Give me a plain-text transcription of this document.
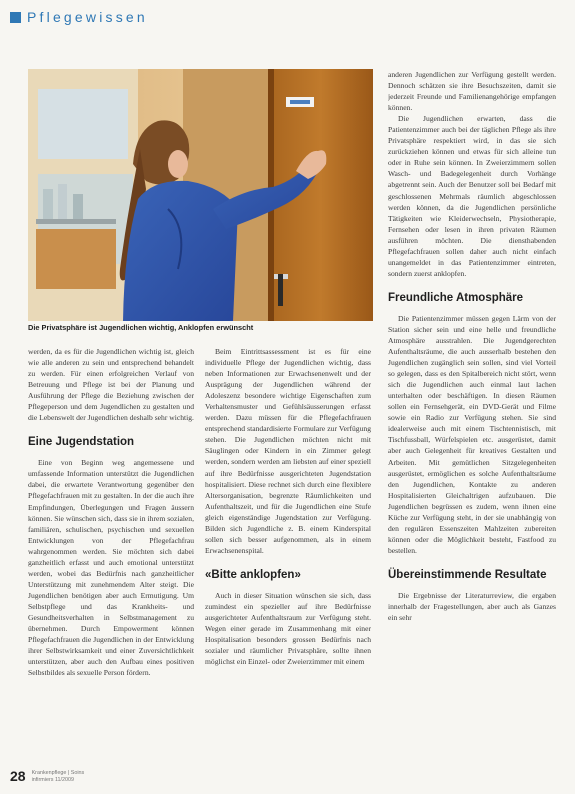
Pflegewissen
Die Privatsphäre ist Jugendlichen wichtig, Anklopfen erwünscht

werden, da es für die Jugendlichen wichtig ist, gleich wie alle anderen zu sein und entsprechend behandelt zu werden. Für einen erfolgreichen Verlauf von Betreuung und Pflege ist bei der Planung und Ausführung der Pflege die Beziehung zwischen der Pflegeperson und dem Jugendlichen zu gestalten und die Lebenswelt der Jugendlichen deshalb sehr wichtig.

Eine Jugendstation

Eine von Beginn weg angemessene und umfassende Information unterstützt die Jugendlichen dabei, die erwartete Verantwortung gegenüber den Pflegefachfrauen mit zu gestalten. In der die auch ihre Empfindungen, Überlegungen und Fragen äussern können. Sie wünschen sich, dass sie in ihrem sozialen, familiären, schulischen, psychischen und sexuellen Entwicklungen von der Pflegefachfrau wahrgenommen werden. Sie möchten sich dabei ganzheitlich erfasst und auch emotional unterstützt werden, wobei das Bedürfnis nach ganzheitlicher Unterstützung mit zunehmendem Alter steigt. Die Jugendlichen benötigen aber auch Ermutigung. Um Selbstpflege und das Krankheits- und Gesundheitsverhalten in Selbstmanagement zu übernehmen. Durch Empowerment können Pflegefachfrauen die Jugendlichen in der Entwicklung ihrer Selbstwirksamkeit und einer Zuversichtlichkeit unterstützen, aber auch den Aufbau eines positiven Selbstbildes als sexuelle Person fördern.

Beim Eintrittsassessment ist es für eine individuelle Pflege der Jugendlichen wichtig, dass neben Informationen zur Erwachsenenwelt und der Ausprägung der Jugendlichen während der Adoleszenz besondere wichtige Eigenschaften zum Verhaltensmuster und Gefühlsäusserungen erfasst werden. Dazu müssen für die Pflegefachfrauen entsprechend standardisierte Formulare zur Verfügung stehen. Die Jugendlichen möchten nicht mit Säuglingen oder Kindern in ein Zimmer gelegt werden, sondern werden am liebsten auf einer speziell auf ihre Bedürfnisse ausgerichteten Jugendstation hospitalisiert. Diese rechnet sich durch eine flexiblere Altersorganisation, begrenzte Räumlichkeiten und Aufenthaltszeit, und für die Jugendlichen eine Stufe gleich eigenständige Jugendstation zur Verfügung. Bilden sich Jugendliche z. B. einem Kinderspital sollen sich besser aufgenommen, als in einem Erwachsenenspital.

«Bitte anklopfen»

Auch in dieser Situation wünschen sie sich, dass zumindest ein spezieller auf ihre Bedürfnisse ausgerichteter Aufenthaltsraum zur Verfügung steht. Wegen einer gerade im Zusammenhang mit einer Hospitalisation besonders grossen Bedürfnis nach sozialer und räumlicher Privatsphäre, sollte ihnen möglichst ein Einzel- oder Zweierzimmer mit einem

anderen Jugendlichen zur Verfügung gestellt werden. Dennoch schätzen sie ihre Besuchszeiten, damit sie jederzeit Freunde und Familienangehörige empfangen können.

Die Jugendlichen erwarten, dass die Patientenzimmer auch bei der täglichen Pflege als ihre Privatsphäre respektiert wird, in das sie sich zurückziehen können und etwas für sich alleine tun oder in Ruhe sein können. In Zweierzimmern sollen Wasch- und Badegelegenheit durch Vorhänge abgetrennt sein. Auch der Benutzer soll bei Bedarf mit geschlossenen Mehrmals räumlich abgeschlossen werden können, da die Jugendlichen persönliche Tätigkeiten wie Kleiderwechseln, Physiotherapie, Fernsehen oder lesen in ihren privaten Räumen ausführen möchten. Die diensthabenden Pflegefachfrauen sollen daher auch nicht einfach unangemeldet in das Patientenzimmer eintreten, sondern zuerst anklopfen.

Freundliche Atmosphäre

Die Patientenzimmer müssen gegen Lärm von der Station sicher sein und eine helle und freundliche Atmosphäre ausstrahlen. Die Jugendgerechten Aufenthaltsräume, die auch ausserhalb bestehen den Jugendlichen zugänglich sein sollen, sind viel Vorteil so gelegen, dass es den Spitalbereich nicht stört, wenn sich die Jugendlichen auch einmal laut lachen unterhalten oder beschäftigen. In diesen Räumen sollen ein Fernsehgerät, ein DVD-Gerät und Filme sowie ein Radio zur Verfügung stehen. Sie sind idealerweise auch mit einem Tischtennistisch, mit Tischfussball, Würfelspielen etc. ausgerüstet, damit aber auch Gelegenheit für kreatives Gestalten und Arbeiten. Mit gemütlichen Sitzgelegenheiten ausgerüstet, ermöglichen es solche Aufenthaltsräume den Jugendlichen, Kontakte zu anderen Hospitalisierten Gleichaltrigen aufzubauen. Die Jugendlichen begrüssen es zudem, wenn ihnen eine Küche zur Verfügung steht, in der sie unabhängig von den regulären Essenszeiten Mahlzeiten zubereiten können oder die Möglichkeit besteht, Fastfood zu bestellen.

Übereinstimmende Resultate

Die Ergebnisse der Literaturreview, die ergaben innerhalb der Fragestellungen, aber auch als Ganzes ein sehr

28 Krankenpflege | Soins
infirmiers 11/2009
